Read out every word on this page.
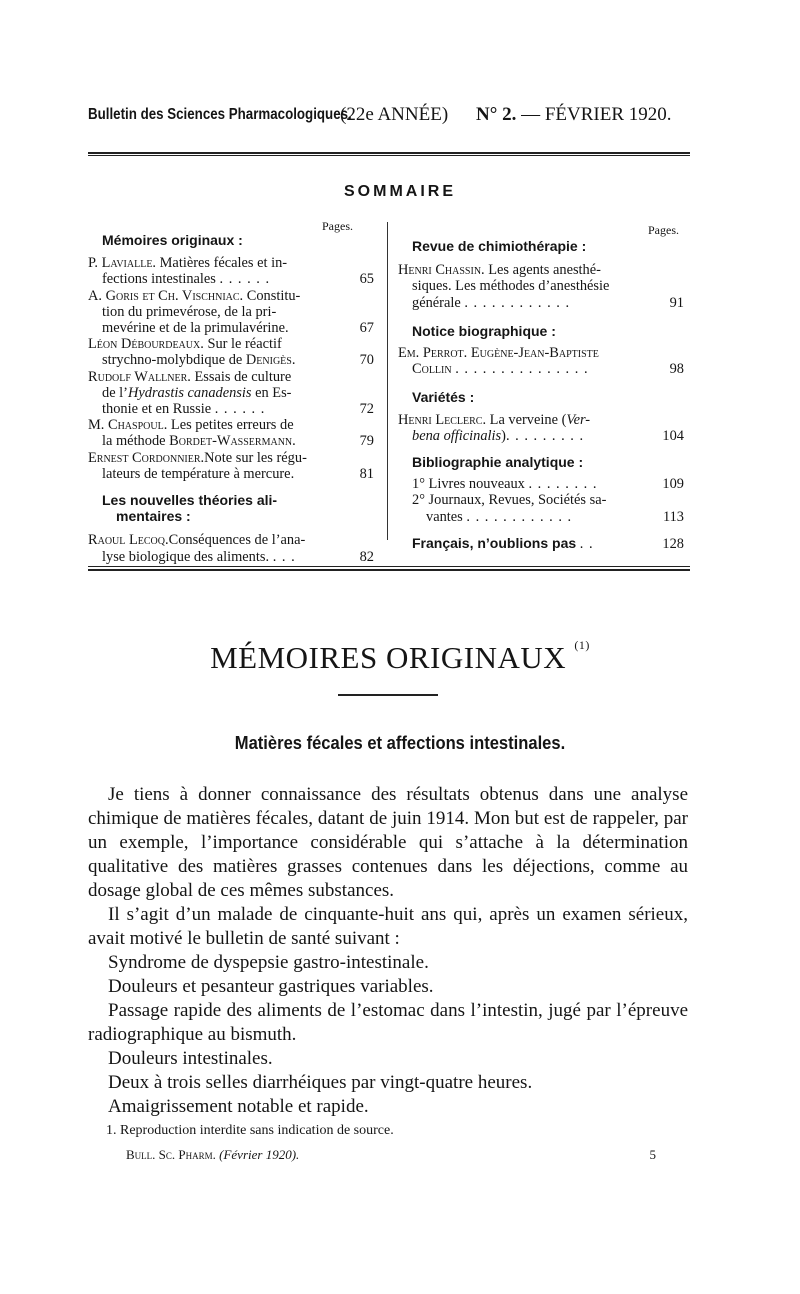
Bulletin des Sciences Pharmacologiques.
(22e ANNÉE) N° 2. — FÉVRIER 1920.
SOMMAIRE
Pages.

Mémoires originaux :

P. Lavialle. Matières fécales et in-
fections intestinales . . . . . .	65
A. Goris et Ch. Vischniac. Constitu-
tion du primevérose, de la pri-
mevérine et de la primulavérine.	67
Léon Débourdeaux. Sur le réactif
strychno-molybdique de Denigès.	70
Rudolf Wallner. Essais de culture
de l’Hydrastis canadensis en Es-
thonie et en Russie . . . . . .	72
M. Chaspoul. Les petites erreurs de
la méthode Bordet-Wassermann.	79
Ernest Cordonnier.Note sur les régu-
lateurs de température à mercure.	81

Les nouvelles théories ali-

mentaires :

Raoul Lecoq.Conséquences de l’ana-
lyse biologique des aliments. . . .	82
Pages.

Revue de chimiothérapie :

Henri Chassin. Les agents anesthé-
siques. Les méthodes d’anesthésie
générale . . . . . . . . . . . .	91

Notice biographique :

Em. Perrot. Eugène-Jean-Baptiste
Collin . . . . . . . . . . . . . . .	98

Variétés :

Henri Leclerc. La verveine (Ver-
bena officinalis). . . . . . . . .	104

Bibliographie analytique :

1° Livres nouveaux . . . . . . . .	109
2° Journaux, Revues, Sociétés sa-
vantes . . . . . . . . . . . .	113
Français, n’oublions pas . .	128
MÉMOIRES ORIGINAUX $^{(1)}$
Matières fécales et affections intestinales.

Je tiens à donner connaissance des résultats obtenus dans une analyse chimique de matières fécales, datant de juin 1914. Mon but est de rappeler, par un exemple, l’importance considérable qui s’attache à la détermination qualitative des matières grasses contenues dans les déjections, comme au dosage global de ces mêmes substances.

Il s’agit d’un malade de cinquante-huit ans qui, après un examen sérieux, avait motivé le bulletin de santé suivant :

Syndrome de dyspepsie gastro-intestinale.

Douleurs et pesanteur gastriques variables.

Passage rapide des aliments de l’estomac dans l’intestin, jugé par l’épreuve radiographique au bismuth.

Douleurs intestinales.

Deux à trois selles diarrhéiques par vingt-quatre heures.

Amaigrissement notable et rapide.

1. Reproduction interdite sans indication de source.
Bull. Sc. Pharm. (Février 1920).	5
